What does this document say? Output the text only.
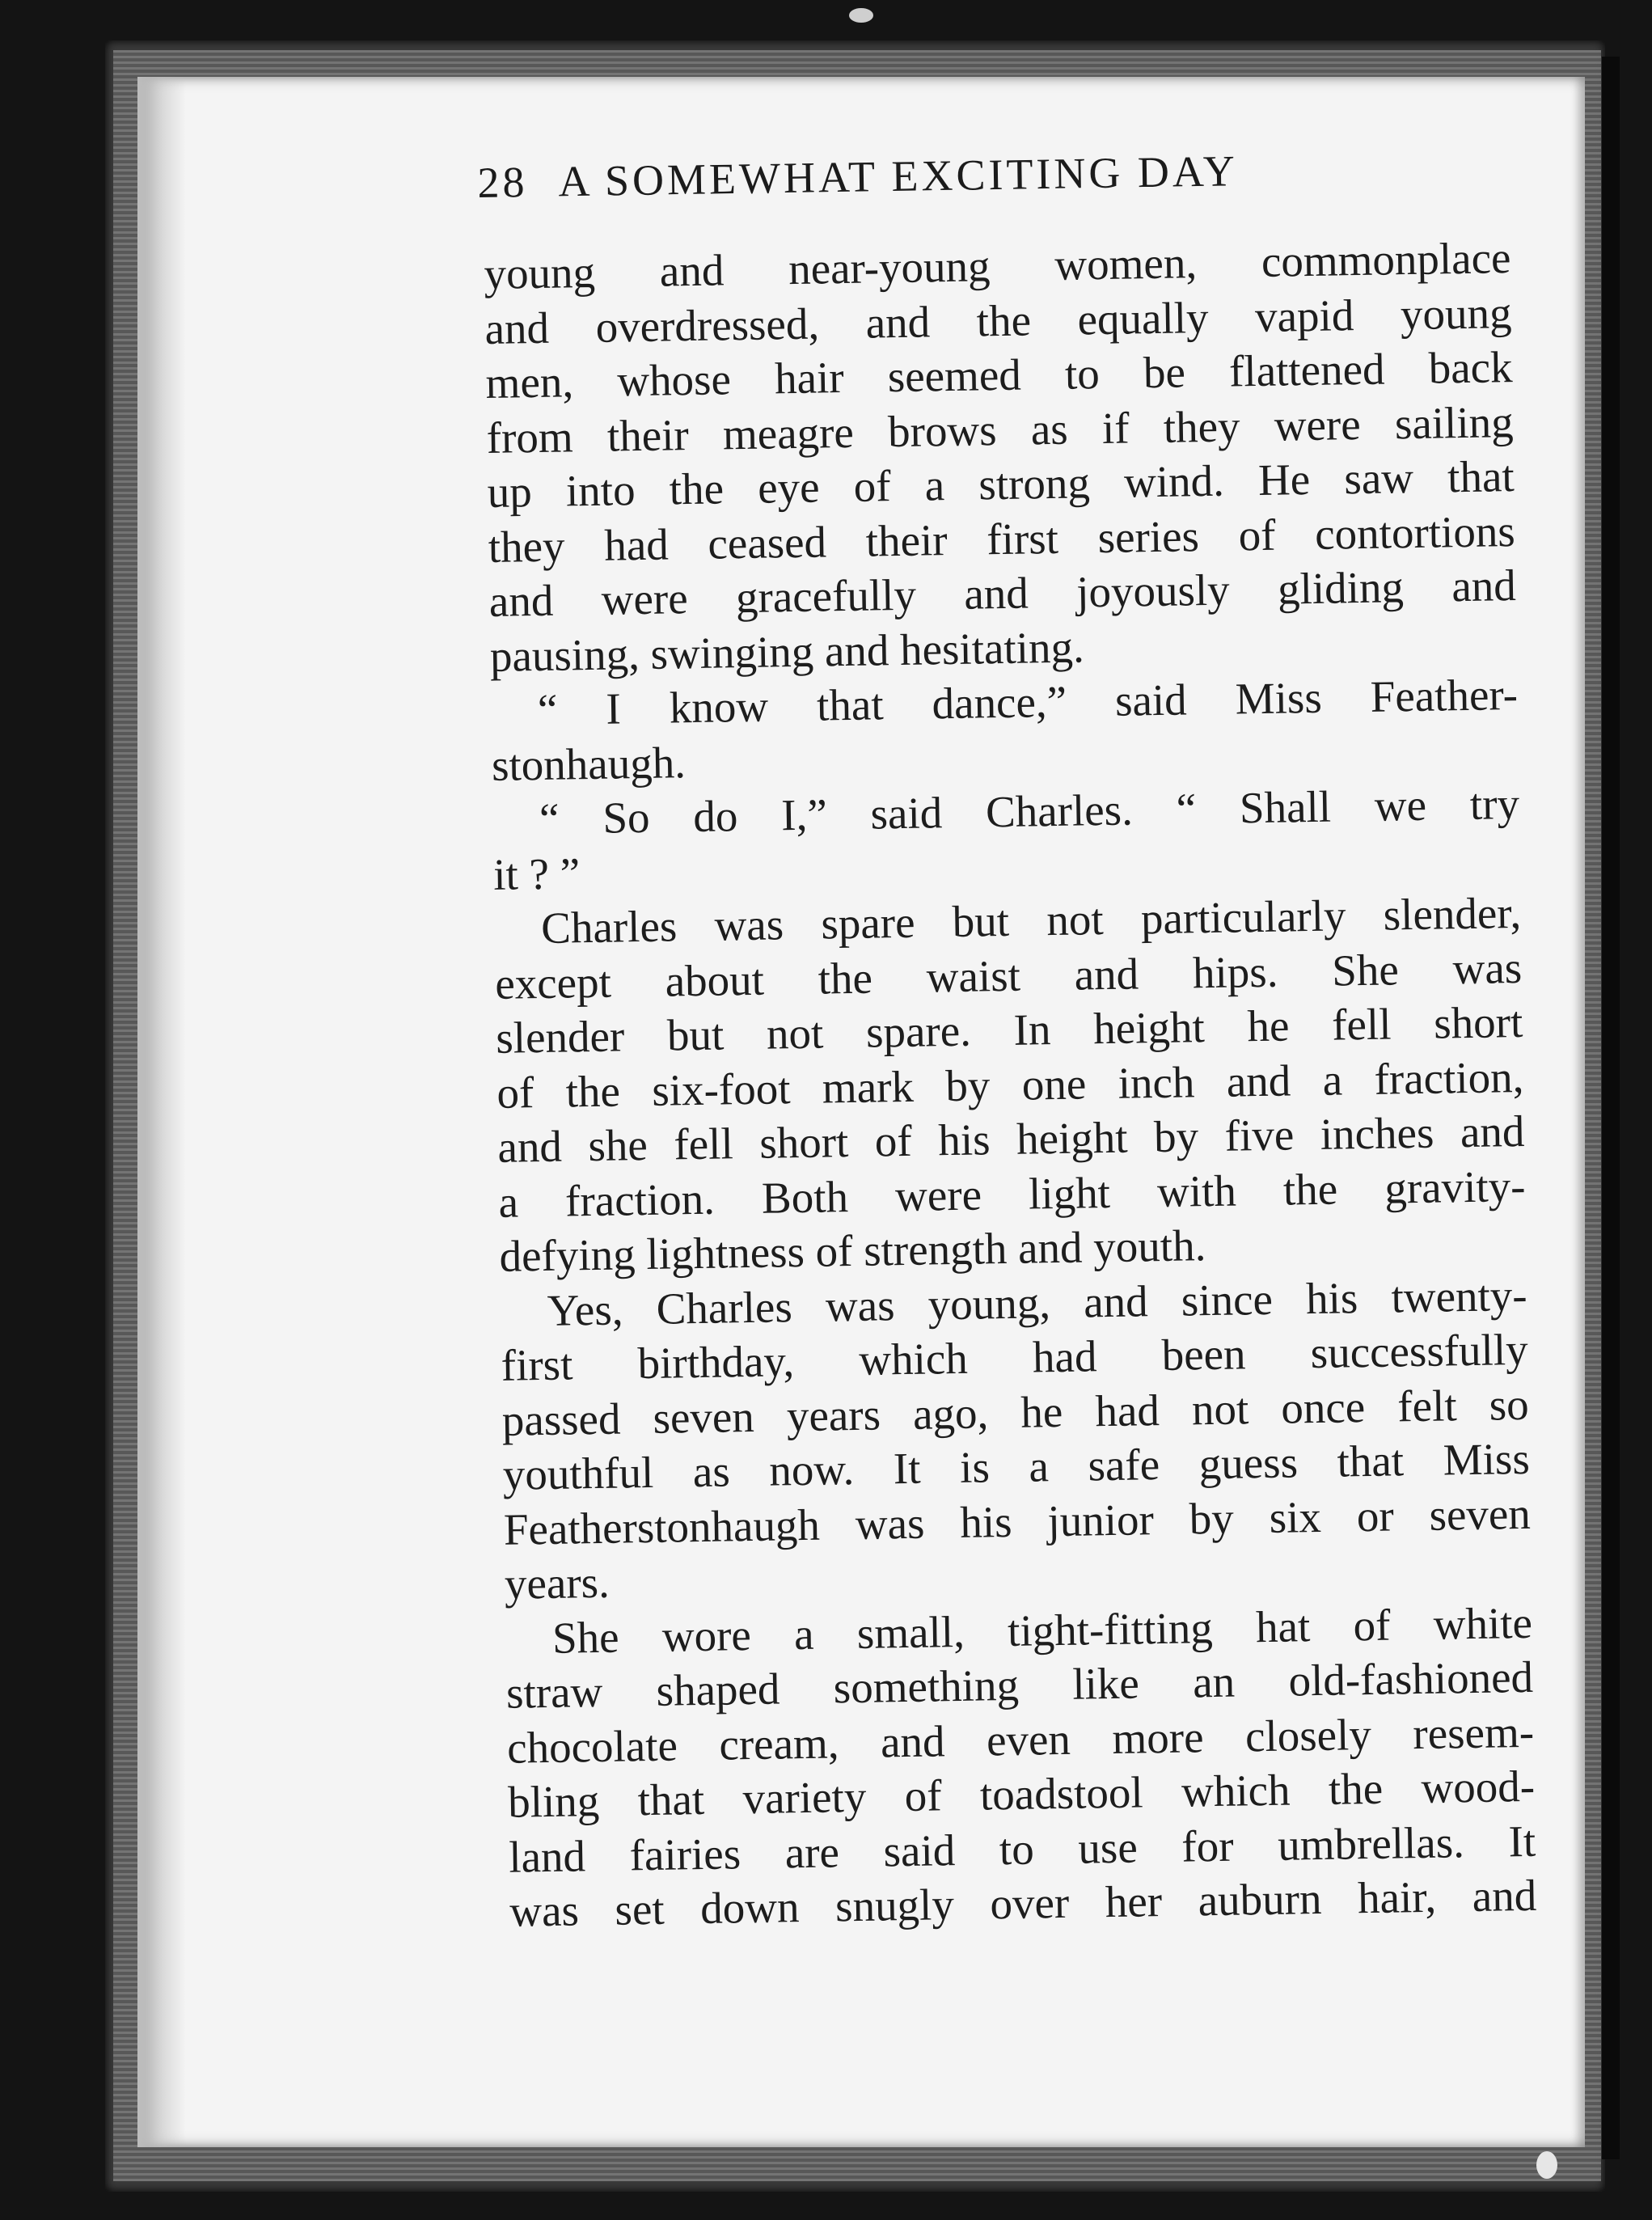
28 A SOMEWHAT EXCITING DAY
young and near-young women, commonplace
and overdressed, and the equally vapid young
men, whose hair seemed to be flattened back
from their meagre brows as if they were sailing
up into the eye of a strong wind. He saw that
they had ceased their first series of contortions
and were gracefully and joyously gliding and
pausing, swinging and hesitating.
“ I know that dance,” said Miss Feather-
stonhaugh.
“ So do I,” said Charles. “ Shall we try
it ? ”
Charles was spare but not particularly slender,
except about the waist and hips. She was
slender but not spare. In height he fell short
of the six-foot mark by one inch and a fraction,
and she fell short of his height by five inches and
a fraction. Both were light with the gravity-
defying lightness of strength and youth.
Yes, Charles was young, and since his twenty-
first birthday, which had been successfully
passed seven years ago, he had not once felt so
youthful as now. It is a safe guess that Miss
Featherstonhaugh was his junior by six or seven
years.
She wore a small, tight-fitting hat of white
straw shaped something like an old-fashioned
chocolate cream, and even more closely resem-
bling that variety of toadstool which the wood-
land fairies are said to use for umbrellas. It
was set down snugly over her auburn hair, and
